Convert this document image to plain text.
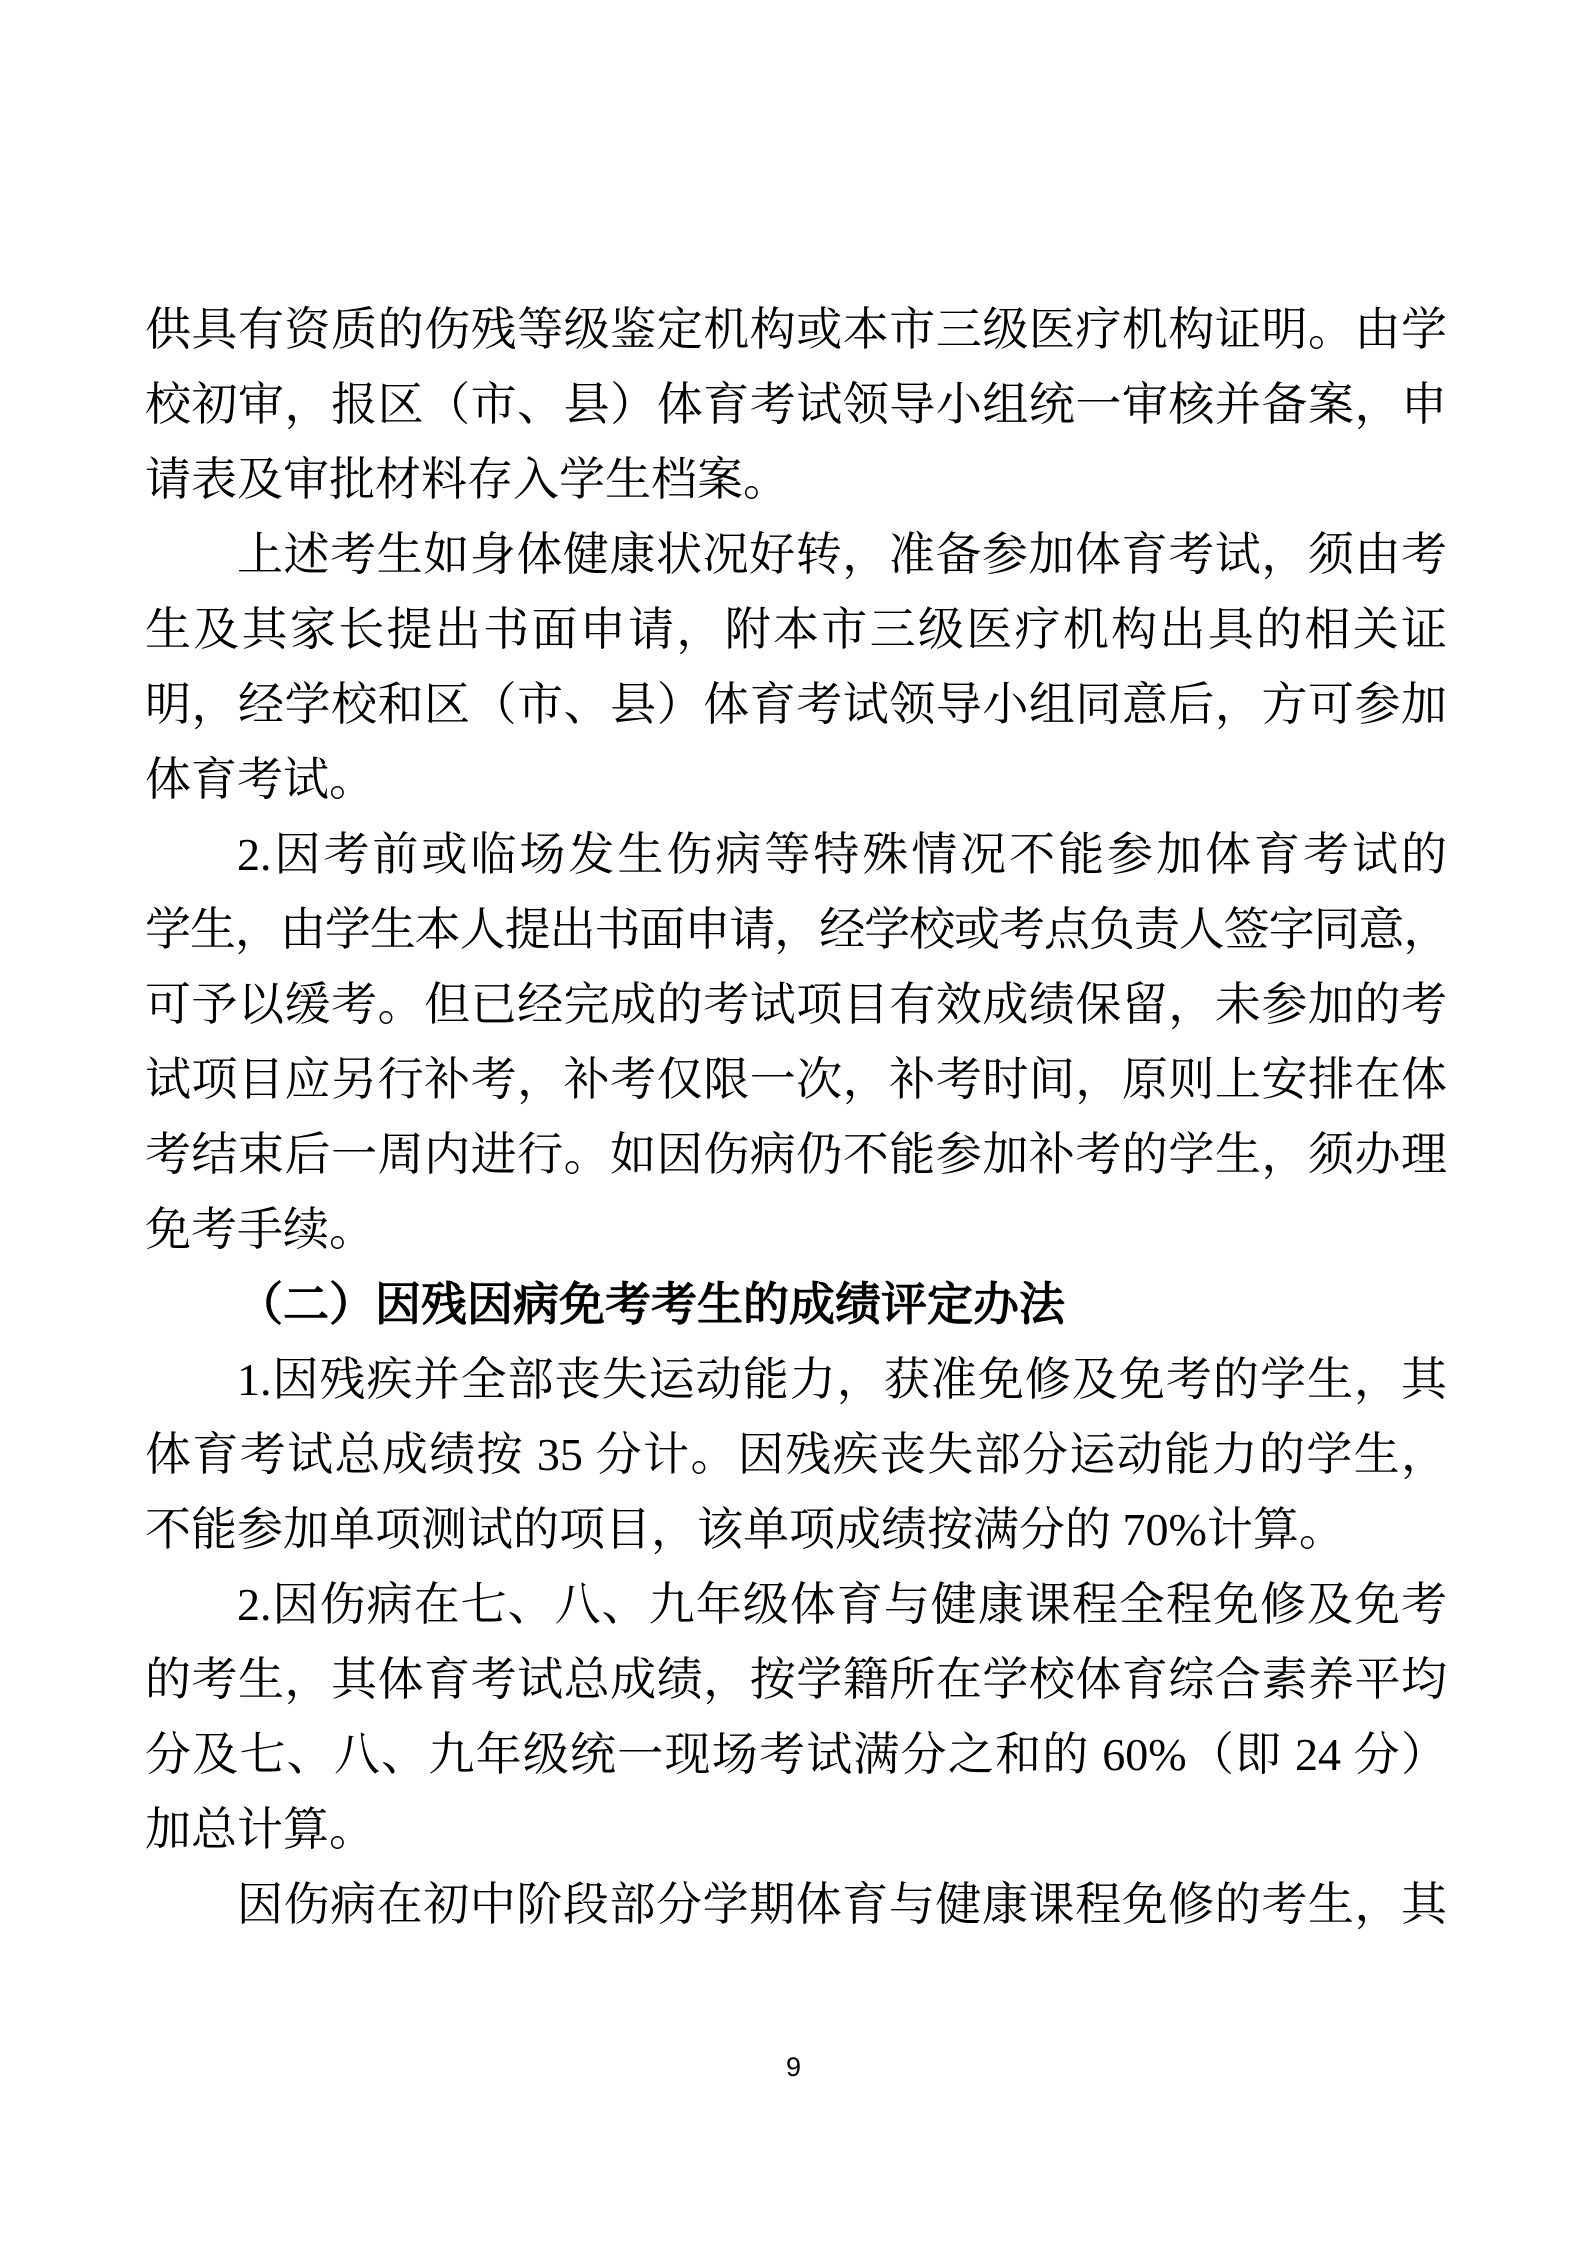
供具有资质的伤残等级鉴定机构或本市三级医疗机构证明。由学

校初审，报区（市、县）体育考试领导小组统一审核并备案，申

请表及审批材料存入学生档案。

上述考生如身体健康状况好转，准备参加体育考试，须由考

生及其家长提出书面申请，附本市三级医疗机构出具的相关证

明，经学校和区（市、县）体育考试领导小组同意后，方可参加

体育考试。

2.因考前或临场发生伤病等特殊情况不能参加体育考试的

学生，由学生本人提出书面申请，经学校或考点负责人签字同意，

可予以缓考。但已经完成的考试项目有效成绩保留，未参加的考

试项目应另行补考，补考仅限一次，补考时间，原则上安排在体

考结束后一周内进行。如因伤病仍不能参加补考的学生，须办理

免考手续。

（二）因残因病免考考生的成绩评定办法

1.因残疾并全部丧失运动能力，获准免修及免考的学生，其

体育考试总成绩按 35 分计。因残疾丧失部分运动能力的学生，

不能参加单项测试的项目，该单项成绩按满分的 70%计算。

2.因伤病在七、八、九年级体育与健康课程全程免修及免考

的考生，其体育考试总成绩，按学籍所在学校体育综合素养平均

分及七、八、九年级统一现场考试满分之和的 60%（即 24 分）

加总计算。

因伤病在初中阶段部分学期体育与健康课程免修的考生，其

9
